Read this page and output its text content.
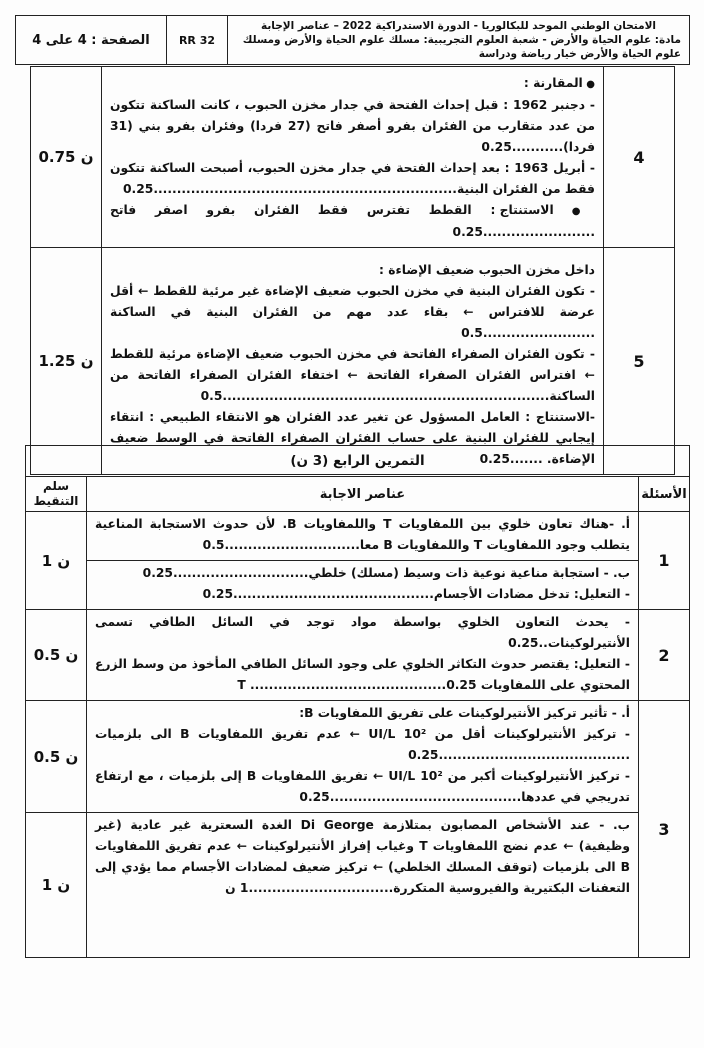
الصفحة : 4 على 4	RR 32	
الامتحان الوطني الموحد للبكالوريا - الدورة الاستدراكية 2022 – عناصر الإجابة
مادة: علوم الحياة والأرض - شعبة العلوم التجريبية: مسلك علوم الحياة والأرض ومسلك علوم الحياة والأرض خيار رياضة ودراسة
0.75 ن	● المقارنة :

- دجنبر 1962 : قبل إحداث الفتحة في جدار مخزن الحبوب ، كانت الساكنة تتكون من عدد متقارب من الفئران بفرو أصفر فاتح (27 فردا) وفئران بفرو بني (31 فردا)...........0.25

- أبريل 1963 : بعد إحداث الفتحة في جدار مخزن الحبوب، أصبحت الساكنة تتكون فقط من الفئران البنية.................................................................0.25

● الاستنتاج : القطط تفترس فقط الفئران بفرو اصفر فاتح ........................0.25	4
1.25 ن	داخل مخزن الحبوب ضعيف الإضاءة :

- تكون الفئران البنية في مخزن الحبوب ضعيف الإضاءة غير مرئية للقطط ← أقل عرضة للافتراس ← بقاء عدد مهم من الفئران البنية في الساكنة ........................0.5

- تكون الفئران الصفراء الفاتحة في مخزن الحبوب ضعيف الإضاءة مرئية للقطط ← افتراس الفئران الصفراء الفاتحة ← اختفاء الفئران الصفراء الفاتحة من الساكنة......................................................................0.5

-الاستنتاج : العامل المسؤول عن تغير عدد الفئران هو الانتقاء الطبيعي : انتقاء إيجابي للفئران البنية على حساب الفئران الصفراء الفاتحة في الوسط ضعيف الإضاءة. .......0.25	5
التمرين الرابع (3 ن)		
سلم التنقيط	عناصر الاجابة	الأسئلة
1 ن	أ. -هناك تعاون خلوي بين اللمفاويات T واللمفاويات B. لأن حدوث الاستجابة المناعية يتطلب وجود اللمفاويات T واللمفاويات B معا.............................0.5	1

	ب. - استجابة مناعية نوعية ذات وسيط (مسلك) خلطي.............................0.25

- التعليل: تدخل مضادات الأجسام...........................................0.25	

0.5 ن	- يحدث التعاون الخلوي بواسطة مواد توجد في السائل الطافي تسمى الأنتيرلوكينات..0.25

- التعليل: يقتصر حدوث التكاثر الخلوي على وجود السائل الطافي المأخوذ من وسط الزرع المحتوي على اللمفاويات T ..........................................0.25	2
0.5 ن	أ. - تأثير تركيز الأنتيرلوكينات على تفريق اللمفاويات B:

- تركيز الأنتيرلوكينات أقل من 10² UI/L ← عدم تفريق اللمفاويات B الى بلزميات .........................................0.25

- تركيز الأنتيرلوكينات أكبر من 10² UI/L ← تفريق اللمفاويات B إلى بلزميات ، مع ارتفاع تدريجي في عددها.........................................0.25	3
1 ن	ب. - عند الأشخاص المصابون بمتلازمة Di George الغدة السعترية غير عادية (غير وظيفية) ← عدم نضج اللمفاويات T وغياب إفراز الأنتيرلوكينات ← عدم تفريق اللمفاويات B الى بلزميات (توقف المسلك الخلطي) ← تركيز ضعيف لمضادات الأجسام مما يؤدي إلى التعفنات البكتيرية والفيروسية المتكررة...............................1 ن	
